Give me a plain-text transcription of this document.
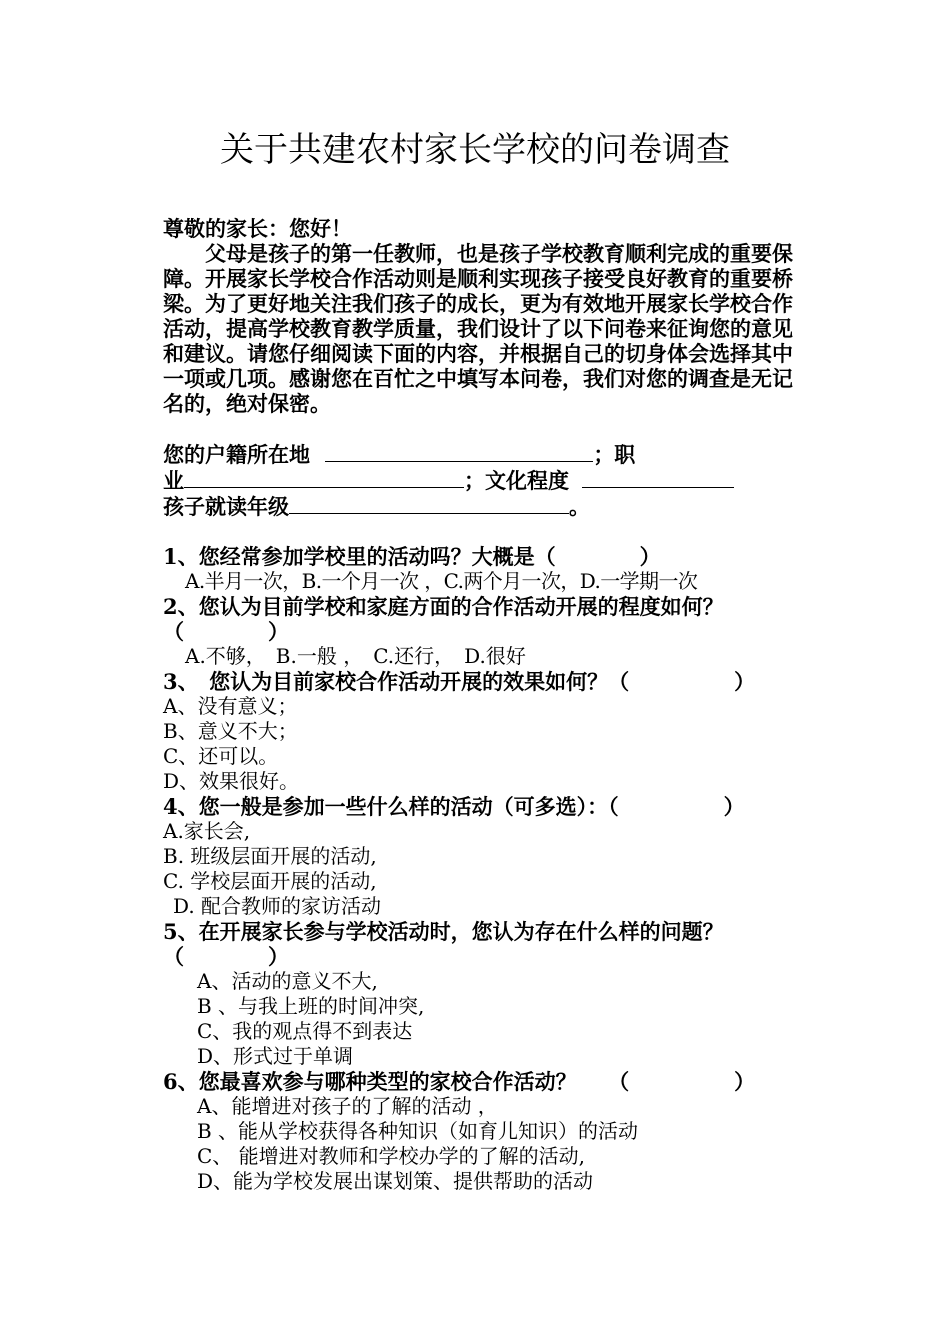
关于共建农村家长学校的问卷调查

尊敬的家长：您好！

父母是孩子的第一任教师，也是孩子学校教育顺利完成的重要保障。开展家长学校合作活动则是顺利实现孩子接受良好教育的重要桥梁。为了更好地关注我们孩子的成长，更为有效地开展家长学校合作活动，提高学校教育教学质量，我们设计了以下问卷来征询您的意见和建议。请您仔细阅读下面的内容，并根据自己的切身体会选择其中一项或几项。感谢您在百忙之中填写本问卷，我们对您的调查是无记名的，绝对保密。

您的户籍所在地	；职

业	；文化程度

孩子就读年级	。

1、您经常参加学校里的活动吗？大概是（　　　　）

A.半月一次，B.一个月一次 ，C.两个月一次，D.一学期一次

2、您认为目前学校和家庭方面的合作活动开展的程度如何？（　　　　）

A.不够，　B.一般 ，　C.还行，　D.很好

3、　您认为目前家校合作活动开展的效果如何？（　　　　　）

A、没有意义；

B、意义不大；

C、还可以。

D、效果很好。

4、您一般是参加一些什么样的活动（可多选）：（　　　　　）

A.家长会,

B. 班级层面开展的活动,

C. 学校层面开展的活动,

D. 配合教师的家访活动

5、在开展家长参与学校活动时，您认为存在什么样的问题？（　　　　）

A、活动的意义不大,

B 、与我上班的时间冲突,

C、我的观点得不到表达

D、形式过于单调

6、您最喜欢参与哪种类型的家校合作活动？　　（　　　　　）

A、能增进对孩子的了解的活动 ，

B 、能从学校获得各种知识（如育儿知识）的活动

C、 能增进对教师和学校办学的了解的活动,

D、能为学校发展出谋划策、提供帮助的活动
